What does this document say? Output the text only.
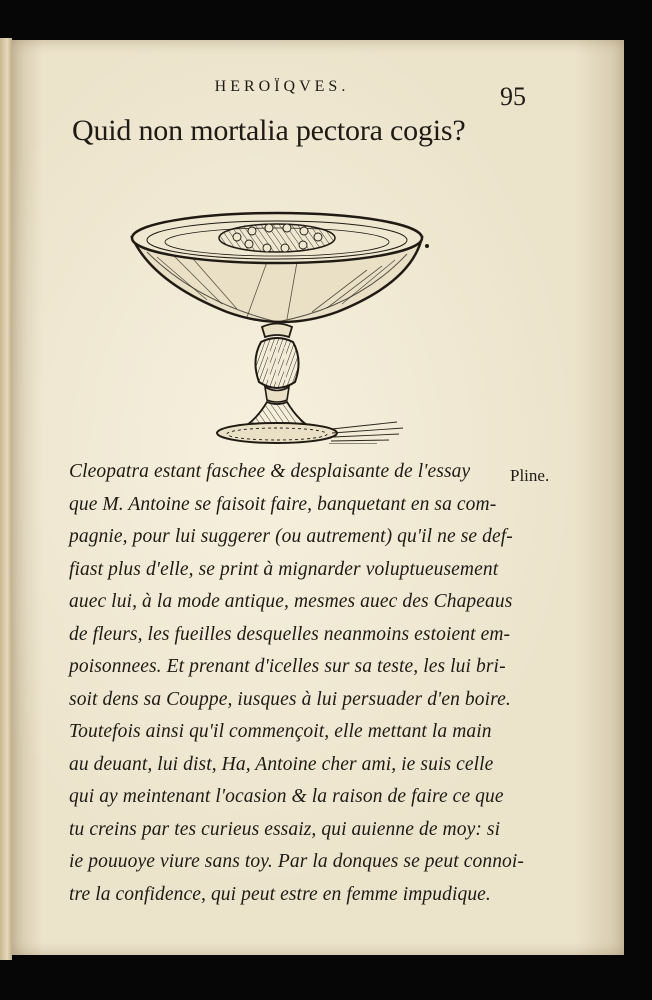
HEROÏQVES.	95
Quid non mortalia pectora cogis?
Cleopatra estant faschee & desplaisante de l'essay
que M. Antoine se faisoit faire, banquetant en sa com-
pagnie, pour lui suggerer (ou autrement) qu'il ne se def-
fiast plus d'elle, se print à mignarder voluptueusement
auec lui, à la mode antique, mesmes auec des Chapeaus
de fleurs, les fueilles desquelles neanmoins estoient em-
poisonnees. Et prenant d'icelles sur sa teste, les lui bri-
soit dens sa Couppe, iusques à lui persuader d'en boire.
Toutefois ainsi qu'il commençoit, elle mettant la main
au deuant, lui dist, Ha, Antoine cher ami, ie suis celle
qui ay meintenant l'ocasion & la raison de faire ce que
tu creins par tes curieus essaiz, qui auienne de moy: si
ie pouuoye viure sans toy. Par la donques se peut connoi-
tre la confidence, qui peut estre en femme impudique.
Pline.
